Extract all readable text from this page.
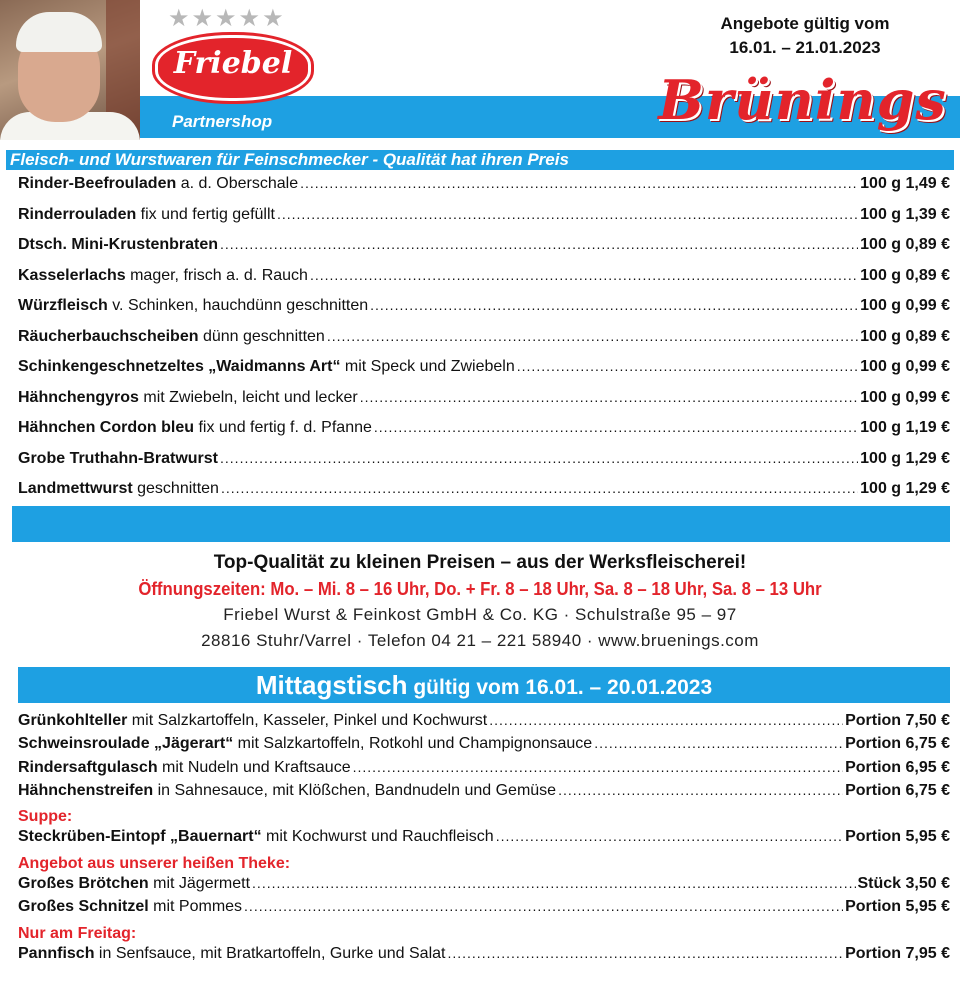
★★★★★
Friebel
Partnershop
Angebote gültig vom
16.01. – 21.01.2023
Brünings
Fleisch- und Wurstwaren für Feinschmecker - Qualität hat ihren Preis
Rinder-Beefrouladen a. d. Oberschale .....	100 g 1,49 €
Rinderrouladen fix und fertig gefüllt .....	100 g 1,39 €
Dtsch. Mini-Krustenbraten .....	100 g 0,89 €
Kasselerlachs mager, frisch a. d. Rauch .....	100 g 0,89 €
Würzfleisch v. Schinken, hauchdünn geschnitten .....	100 g 0,99 €
Räucherbauchscheiben dünn geschnitten .....	100 g 0,89 €
Schinkengeschnetzeltes „Waidmanns Art“ mit Speck und Zwiebeln .....	100 g 0,99 €
Hähnchengyros mit Zwiebeln, leicht und lecker .....	100 g 0,99 €
Hähnchen Cordon bleu fix und fertig f. d. Pfanne .....	100 g 1,19 €
Grobe Truthahn-Bratwurst .....	100 g 1,29 €
Landmettwurst geschnitten .....	100 g 1,29 €
Top-Qualität zu kleinen Preisen – aus der Werksfleischerei!
Öffnungszeiten: Mo. – Mi. 8 – 16 Uhr, Do. + Fr. 8 – 18 Uhr, Sa. 8 – 18 Uhr, Sa. 8 – 13 Uhr
Friebel Wurst & Feinkost GmbH & Co. KG · Schulstraße 95 – 97
28816 Stuhr/Varrel · Telefon 04 21 – 221 58940 · www.bruenings.com
Mittagstisch gültig vom 16.01. – 20.01.2023
Grünkohlteller mit Salzkartoffeln, Kasseler, Pinkel und Kochwurst .....	Portion 7,50 €
Schweinsroulade „Jägerart“ mit Salzkartoffeln, Rotkohl und Champignonsauce .....	Portion 6,75 €
Rindersaftgulasch mit Nudeln und Kraftsauce .....	Portion 6,95 €
Hähnchenstreifen in Sahnesauce, mit Klößchen, Bandnudeln und Gemüse .....	Portion 6,75 €
Suppe:
Steckrüben-Eintopf „Bauernart“ mit Kochwurst und Rauchfleisch .....	Portion 5,95 €
Angebot aus unserer heißen Theke:
Großes Brötchen mit Jägermett .....	Stück 3,50 €
Großes Schnitzel mit Pommes .....	Portion 5,95 €
Nur am Freitag:
Pannfisch in Senfsauce, mit Bratkartoffeln, Gurke und Salat .....	Portion 7,95 €
